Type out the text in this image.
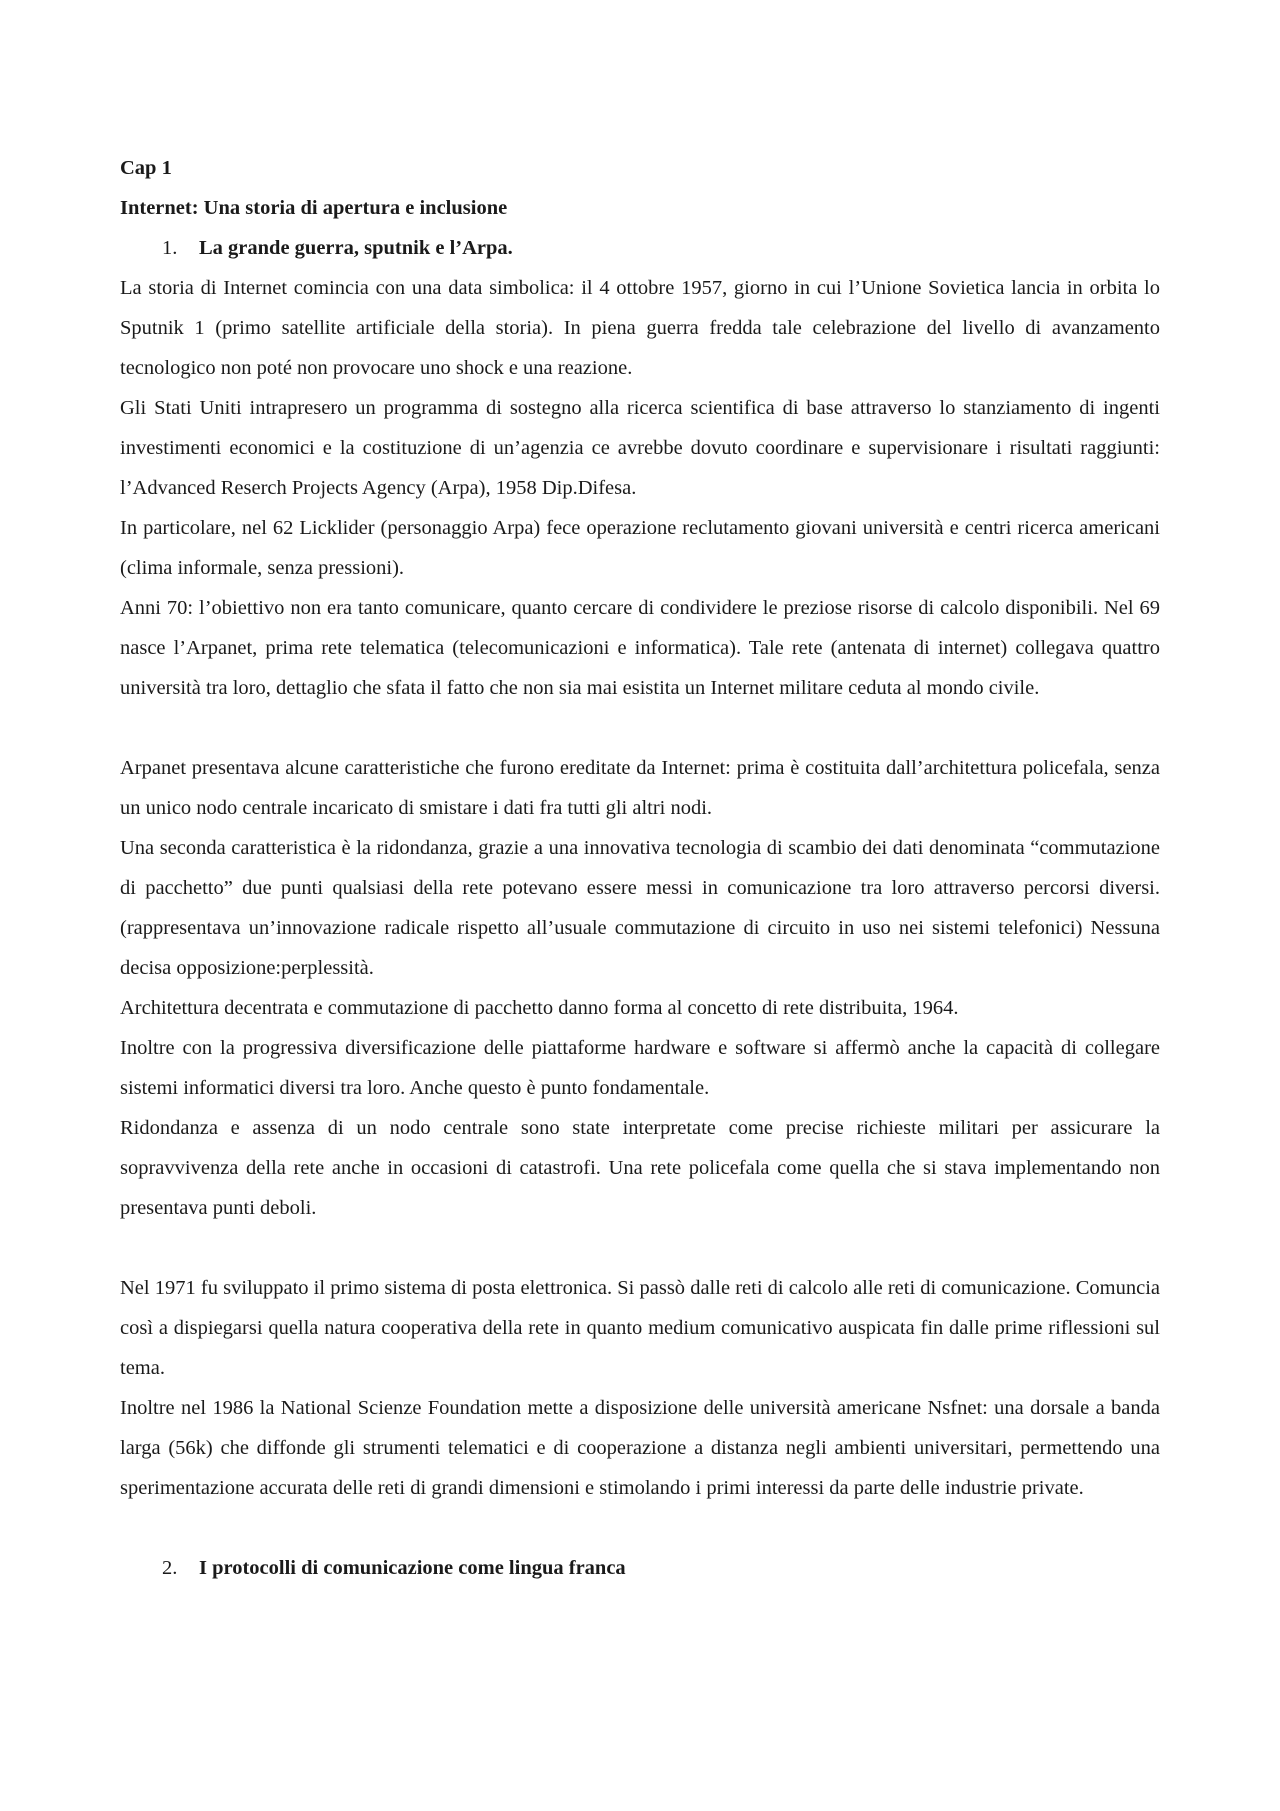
Cap 1
Internet: Una storia di apertura e inclusione
1.	La grande guerra, sputnik e l’Arpa.

La storia di Internet comincia con una data simbolica: il 4 ottobre 1957, giorno in cui l’Unione Sovietica lancia in orbita lo Sputnik 1 (primo satellite artificiale della storia). In piena guerra fredda tale celebrazione del livello di avanzamento tecnologico non poté non provocare uno shock e una reazione.

Gli Stati Uniti intrapresero un programma di sostegno alla ricerca scientifica di base attraverso lo stanziamento di ingenti investimenti economici e la costituzione di un’agenzia ce avrebbe dovuto coordinare e supervisionare i risultati raggiunti: l’Advanced Reserch Projects Agency (Arpa), 1958 Dip.Difesa.

In particolare, nel 62 Licklider (personaggio Arpa) fece operazione reclutamento giovani università e centri ricerca americani (clima informale, senza pressioni).

Anni 70: l’obiettivo non era tanto comunicare, quanto cercare di condividere le preziose risorse di calcolo disponibili. Nel 69 nasce l’Arpanet, prima rete telematica (telecomunicazioni e informatica). Tale rete (antenata di internet) collegava quattro università tra loro, dettaglio che sfata il fatto che non sia mai esistita un Internet militare ceduta al mondo civile.

Arpanet presentava alcune caratteristiche che furono ereditate da Internet: prima è costituita dall’architettura policefala, senza un unico nodo centrale incaricato di smistare i dati fra tutti gli altri nodi.

Una seconda caratteristica è la ridondanza, grazie a una innovativa tecnologia di scambio dei dati denominata “commutazione di pacchetto” due punti qualsiasi della rete potevano essere messi in comunicazione tra loro attraverso percorsi diversi. (rappresentava un’innovazione radicale rispetto all’usuale commutazione di circuito in uso nei sistemi telefonici) Nessuna decisa opposizione:perplessità.

Architettura decentrata e commutazione di pacchetto danno forma al concetto di rete distribuita, 1964.

Inoltre con la progressiva diversificazione delle piattaforme hardware e software si affermò anche la capacità di collegare sistemi informatici diversi tra loro. Anche questo è punto fondamentale.

Ridondanza e assenza di un nodo centrale sono state interpretate come precise richieste militari per assicurare la sopravvivenza della rete anche in occasioni di catastrofi. Una rete policefala come quella che si stava implementando non presentava punti deboli.

Nel 1971 fu sviluppato il primo sistema di posta elettronica. Si passò dalle reti di calcolo alle reti di comunicazione. Comuncia così a dispiegarsi quella natura cooperativa della rete in quanto medium comunicativo auspicata fin dalle prime riflessioni sul tema.

Inoltre nel 1986 la National Scienze Foundation mette a disposizione delle università americane Nsfnet: una dorsale a banda larga (56k) che diffonde gli strumenti telematici e di cooperazione a distanza negli ambienti universitari, permettendo una sperimentazione accurata delle reti di grandi dimensioni e stimolando i primi interessi da parte delle industrie private.

2.	I protocolli di comunicazione come lingua franca
